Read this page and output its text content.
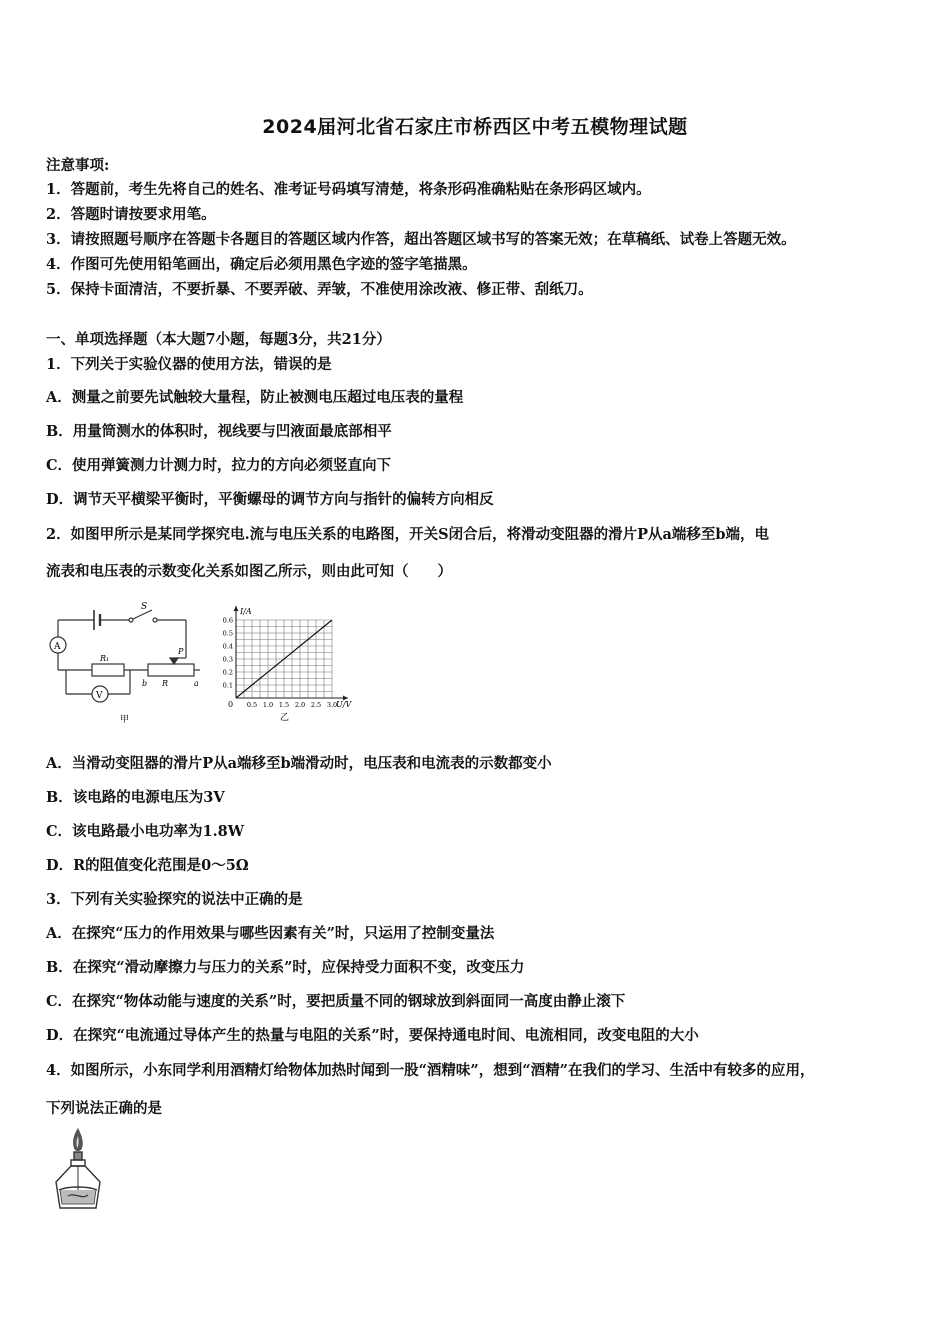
2024届河北省石家庄市桥西区中考五模物理试题
注意事项:
1．答题前，考生先将自己的姓名、准考证号码填写清楚，将条形码准确粘贴在条形码区域内。
2．答题时请按要求用笔。
3．请按照题号顺序在答题卡各题目的答题区域内作答，超出答题区域书写的答案无效；在草稿纸、试卷上答题无效。
4．作图可先使用铅笔画出，确定后必须用黑色字迹的签字笔描黑。
5．保持卡面清洁，不要折暴、不要弄破、弄皱，不准使用涂改液、修正带、刮纸刀。
一、单项选择题（本大题7小题，每题3分，共21分）
1．下列关于实验仪器的使用方法，错误的是
A．测量之前要先试触较大量程，防止被测电压超过电压表的量程
B．用量筒测水的体积时，视线要与凹液面最底部相平
C．使用弹簧测力计测力时，拉力的方向必须竖直向下
D．调节天平横梁平衡时，平衡螺母的调节方向与指针的偏转方向相反
2．如图甲所示是某同学探究电.流与电压关系的电路图，开关S闭合后，将滑动变阻器的滑片P从a端移至b端，电
流表和电压表的示数变化关系如图乙所示，则由此可知（　　）
S
A
V
R₁
R
P
a
b
甲
0.6
0.5
0.4
0.3
0.2
0.1
0.5 1.0 1.5 2.0 2.5 3.0
I/A
U/V
0
乙
A．当滑动变阻器的滑片P从a端移至b端滑动时，电压表和电流表的示数都变小
B．该电路的电源电压为3V
C．该电路最小电功率为1.8W
D．R的阻值变化范围是0～5Ω
3．下列有关实验探究的说法中正确的是
A．在探究“压力的作用效果与哪些因素有关”时，只运用了控制变量法
B．在探究“滑动摩擦力与压力的关系”时，应保持受力面积不变，改变压力
C．在探究“物体动能与速度的关系”时，要把质量不同的钢球放到斜面同一高度由静止滚下
D．在探究“电流通过导体产生的热量与电阻的关系”时，要保持通电时间、电流相同，改变电阻的大小
4．如图所示，小东同学利用酒精灯给物体加热时闻到一股“酒精味”，想到“酒精”在我们的学习、生活中有较多的应用，
下列说法正确的是
